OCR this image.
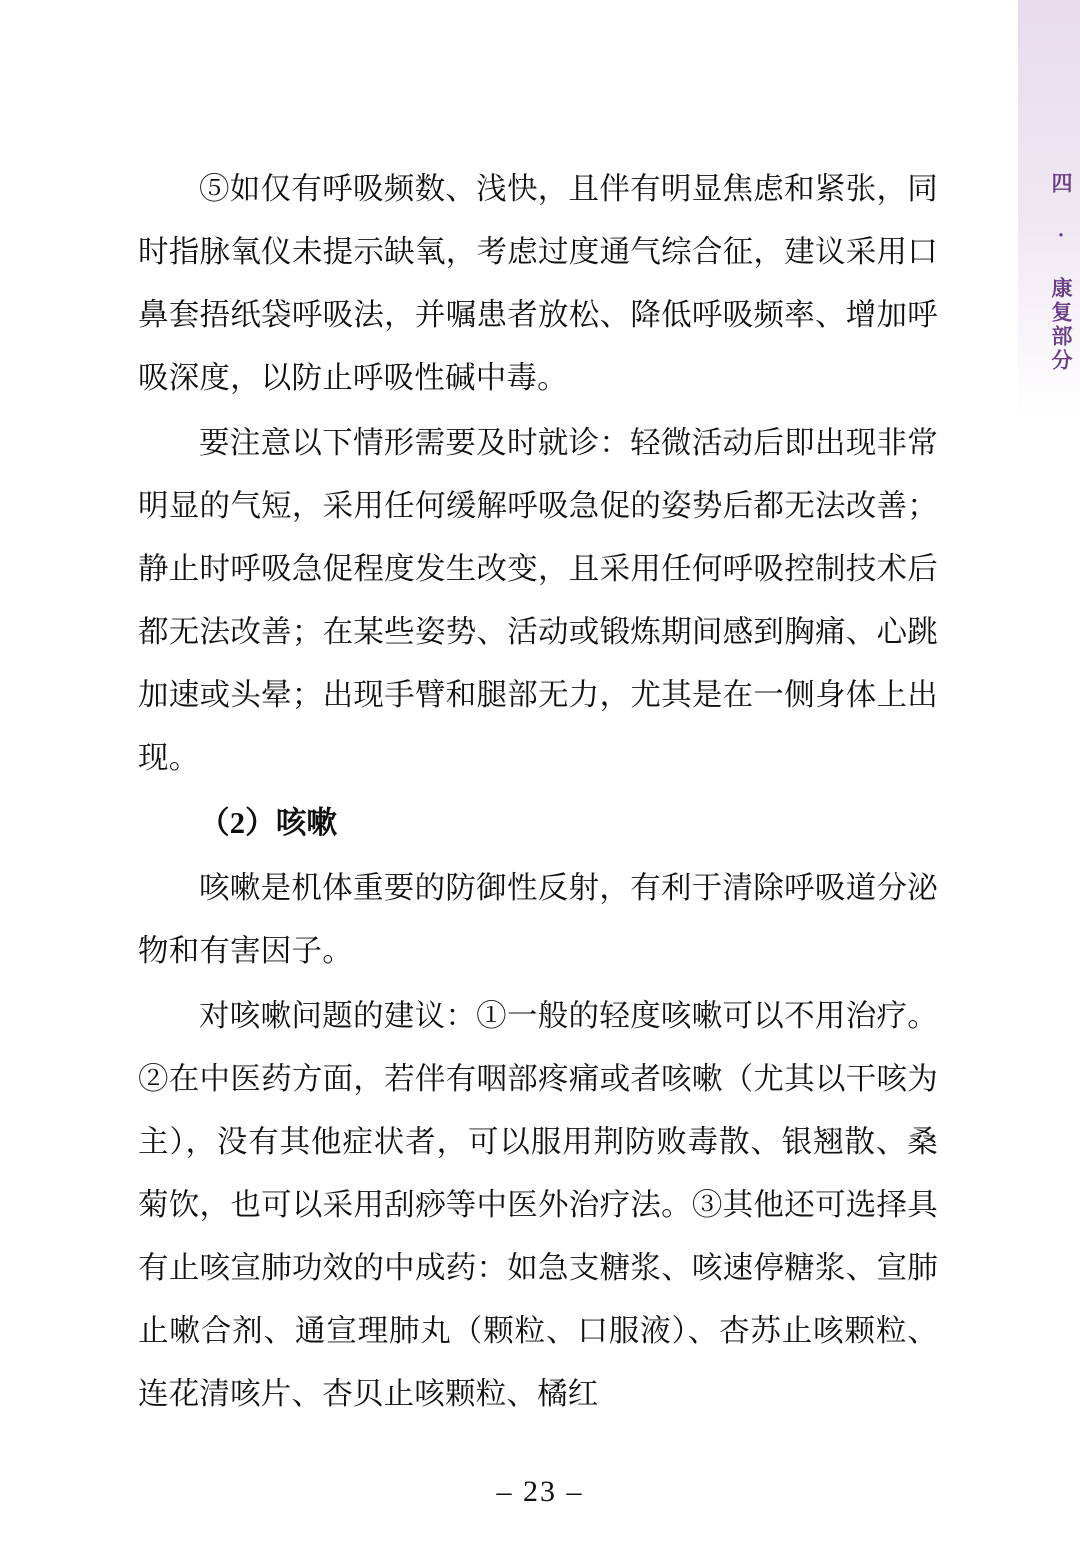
四 · 康复部分

⑤如仅有呼吸频数、浅快，且伴有明显焦虑和紧张，同时指脉氧仪未提示缺氧，考虑过度通气综合征，建议采用口鼻套捂纸袋呼吸法，并嘱患者放松、降低呼吸频率、增加呼吸深度，以防止呼吸性碱中毒。

要注意以下情形需要及时就诊：轻微活动后即出现非常明显的气短，采用任何缓解呼吸急促的姿势后都无法改善；静止时呼吸急促程度发生改变，且采用任何呼吸控制技术后都无法改善；在某些姿势、活动或锻炼期间感到胸痛、心跳加速或头晕；出现手臂和腿部无力，尤其是在一侧身体上出现。

（2）咳嗽

咳嗽是机体重要的防御性反射，有利于清除呼吸道分泌物和有害因子。

对咳嗽问题的建议：①一般的轻度咳嗽可以不用治疗。②在中医药方面，若伴有咽部疼痛或者咳嗽（尤其以干咳为主），没有其他症状者，可以服用荆防败毒散、银翘散、桑菊饮，也可以采用刮痧等中医外治疗法。③其他还可选择具有止咳宣肺功效的中成药：如急支糖浆、咳速停糖浆、宣肺止嗽合剂、通宣理肺丸（颗粒、口服液）、杏苏止咳颗粒、连花清咳片、杏贝止咳颗粒、橘红

– 23 –
